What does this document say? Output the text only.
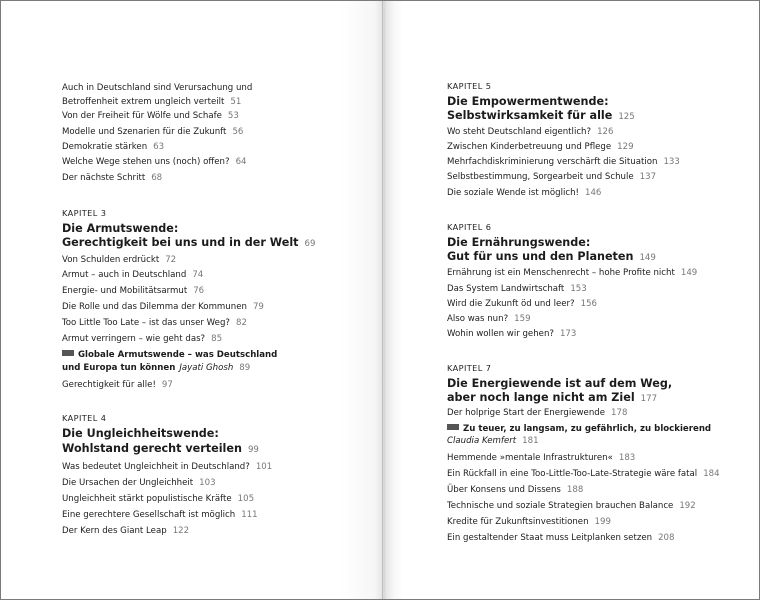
Auch in Deutschland sind Verursachung und
Betroffenheit extrem ungleich verteilt 51
Von der Freiheit für Wölfe und Schafe 53
Modelle und Szenarien für die Zukunft 56
Demokratie stärken 63
Welche Wege stehen uns (noch) offen? 64
Der nächste Schritt 68
KAPITEL 3
Die Armutswende:
Gerechtigkeit bei uns und in der Welt 69
Von Schulden erdrückt 72
Armut – auch in Deutschland 74
Energie- und Mobilitätsarmut 76
Die Rolle und das Dilemma der Kommunen 79
Too Little Too Late – ist das unser Weg? 82
Armut verringern – wie geht das? 85
Globale Armutswende – was Deutschland
und Europa tun können Jayati Ghosh 89
Gerechtigkeit für alle! 97
KAPITEL 4
Die Ungleichheitswende:
Wohlstand gerecht verteilen 99
Was bedeutet Ungleichheit in Deutschland? 101
Die Ursachen der Ungleichheit 103
Ungleichheit stärkt populistische Kräfte 105
Eine gerechtere Gesellschaft ist möglich 111
Der Kern des Giant Leap 122
KAPITEL 5
Die Empowermentwende:
Selbstwirksamkeit für alle 125
Wo steht Deutschland eigentlich? 126
Zwischen Kinderbetreuung und Pflege 129
Mehrfachdiskriminierung verschärft die Situation 133
Selbstbestimmung, Sorgearbeit und Schule 137
Die soziale Wende ist möglich! 146
KAPITEL 6
Die Ernährungswende:
Gut für uns und den Planeten 149
Ernährung ist ein Menschenrecht – hohe Profite nicht 149
Das System Landwirtschaft 153
Wird die Zukunft öd und leer? 156
Also was nun? 159
Wohin wollen wir gehen? 173
KAPITEL 7
Die Energiewende ist auf dem Weg,
aber noch lange nicht am Ziel 177
Der holprige Start der Energiewende 178
Zu teuer, zu langsam, zu gefährlich, zu blockierend
Claudia Kemfert 181
Hemmende »mentale Infrastrukturen« 183
Ein Rückfall in eine Too-Little-Too-Late-Strategie wäre fatal 184
Über Konsens und Dissens 188
Technische und soziale Strategien brauchen Balance 192
Kredite für Zukunftsinvestitionen 199
Ein gestaltender Staat muss Leitplanken setzen 208
